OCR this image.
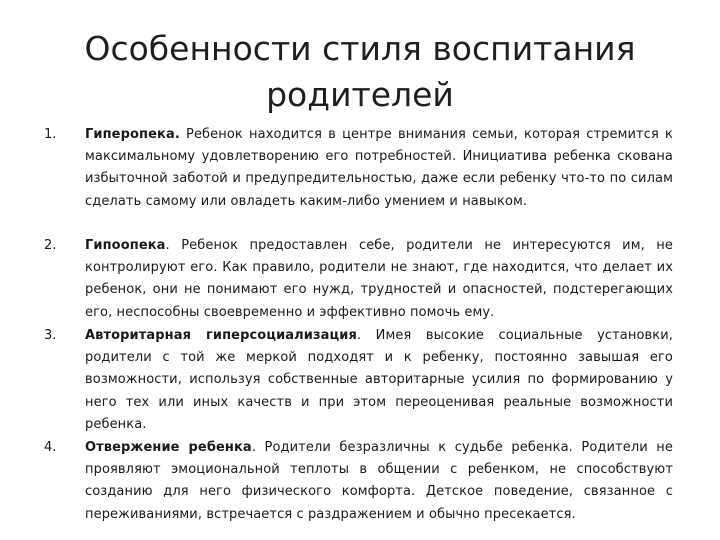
Особенности стиля воспитания
родителей
1. Гиперопека. Ребенок находится в центре внимания семьи, которая стремится к максимальному удовлетворению его потребностей. Инициатива ребенка скована избыточной заботой и предупредительностью, даже если ребенку что-то по силам сделать самому или овладеть каким-либо умением и навыком.
2. Гипоопека. Ребенок предоставлен себе, родители не интересуются им, не контролируют его. Как правило, родители не знают, где находится, что делает их ребенок, они не понимают его нужд, трудностей и опасностей, подстерегающих его, неспособны своевременно и эффективно помочь ему.
3. Авторитарная гиперсоциализация. Имея высокие социальные установки, родители с той же меркой подходят и к ребенку, постоянно завышая его возможности, используя собственные авторитарные усилия по формированию у него тех или иных качеств и при этом переоценивая реальные возможности ребенка.
4. Отвержение ребенка. Родители безразличны к судьбе ребенка. Родители не проявляют эмоциональной теплоты в общении с ребенком, не способствуют созданию для него физического комфорта. Детское поведение, связанное с переживаниями, встречается с раздражением и обычно пресекается.
